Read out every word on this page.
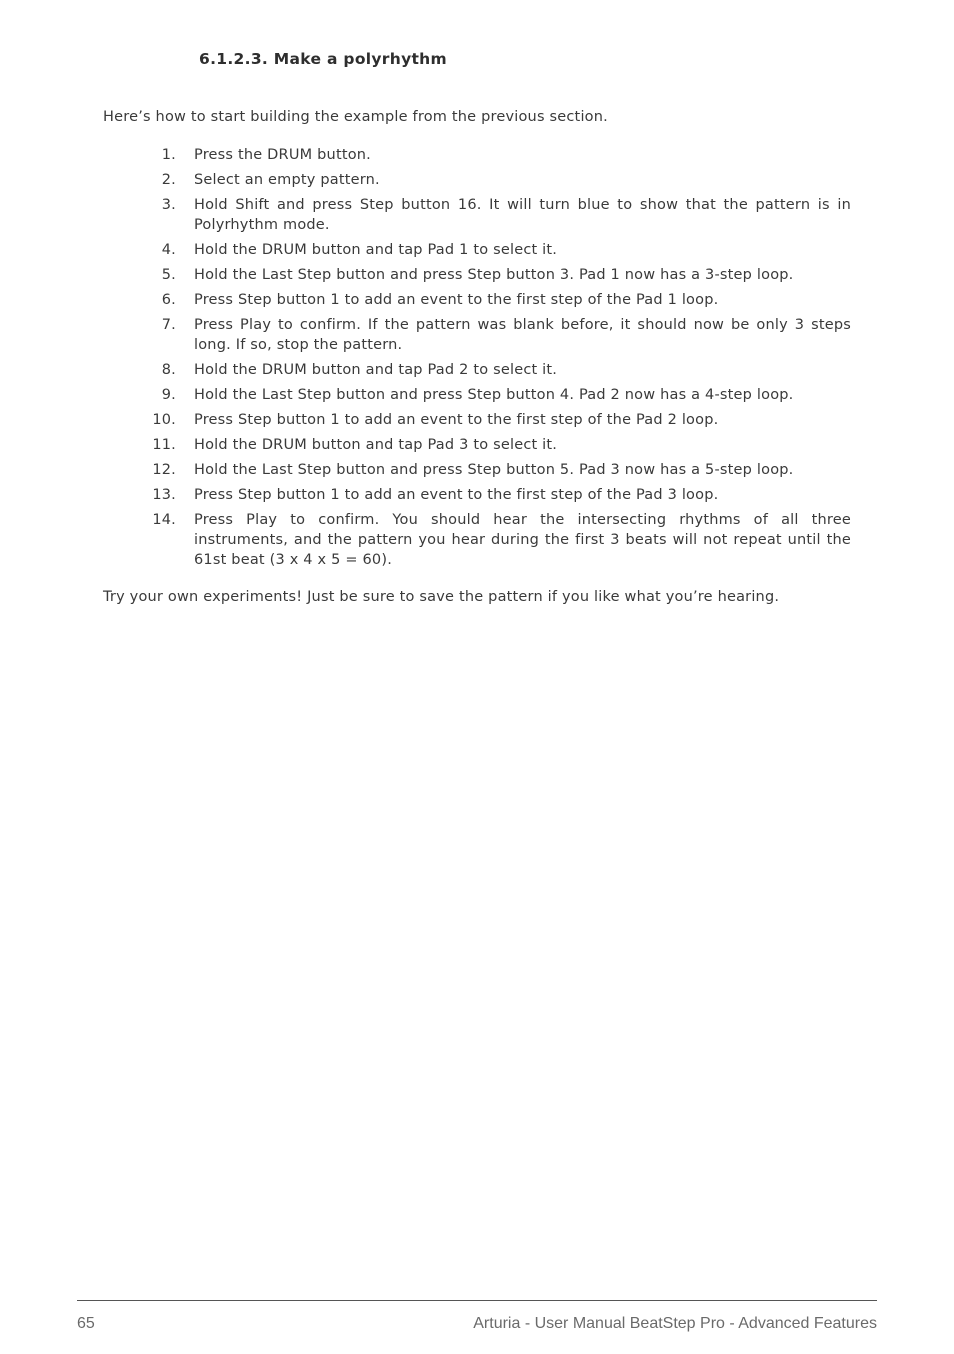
6.1.2.3. Make a polyrhythm
Here’s how to start building the example from the previous section.
1. Press the DRUM button.
2. Select an empty pattern.
3. Hold Shift and press Step button 16. It will turn blue to show that the pattern is in Polyrhythm mode.
4. Hold the DRUM button and tap Pad 1 to select it.
5. Hold the Last Step button and press Step button 3. Pad 1 now has a 3-step loop.
6. Press Step button 1 to add an event to the first step of the Pad 1 loop.
7. Press Play to confirm. If the pattern was blank before, it should now be only 3 steps long. If so, stop the pattern.
8. Hold the DRUM button and tap Pad 2 to select it.
9. Hold the Last Step button and press Step button 4. Pad 2 now has a 4-step loop.
10. Press Step button 1 to add an event to the first step of the Pad 2 loop.
11. Hold the DRUM button and tap Pad 3 to select it.
12. Hold the Last Step button and press Step button 5. Pad 3 now has a 5-step loop.
13. Press Step button 1 to add an event to the first step of the Pad 3 loop.
14. Press Play to confirm. You should hear the intersecting rhythms of all three instruments, and the pattern you hear during the first 3 beats will not repeat until the 61st beat (3 x 4 x 5 = 60).
Try your own experiments! Just be sure to save the pattern if you like what you’re hearing.
65	Arturia - User Manual BeatStep Pro - Advanced Features
